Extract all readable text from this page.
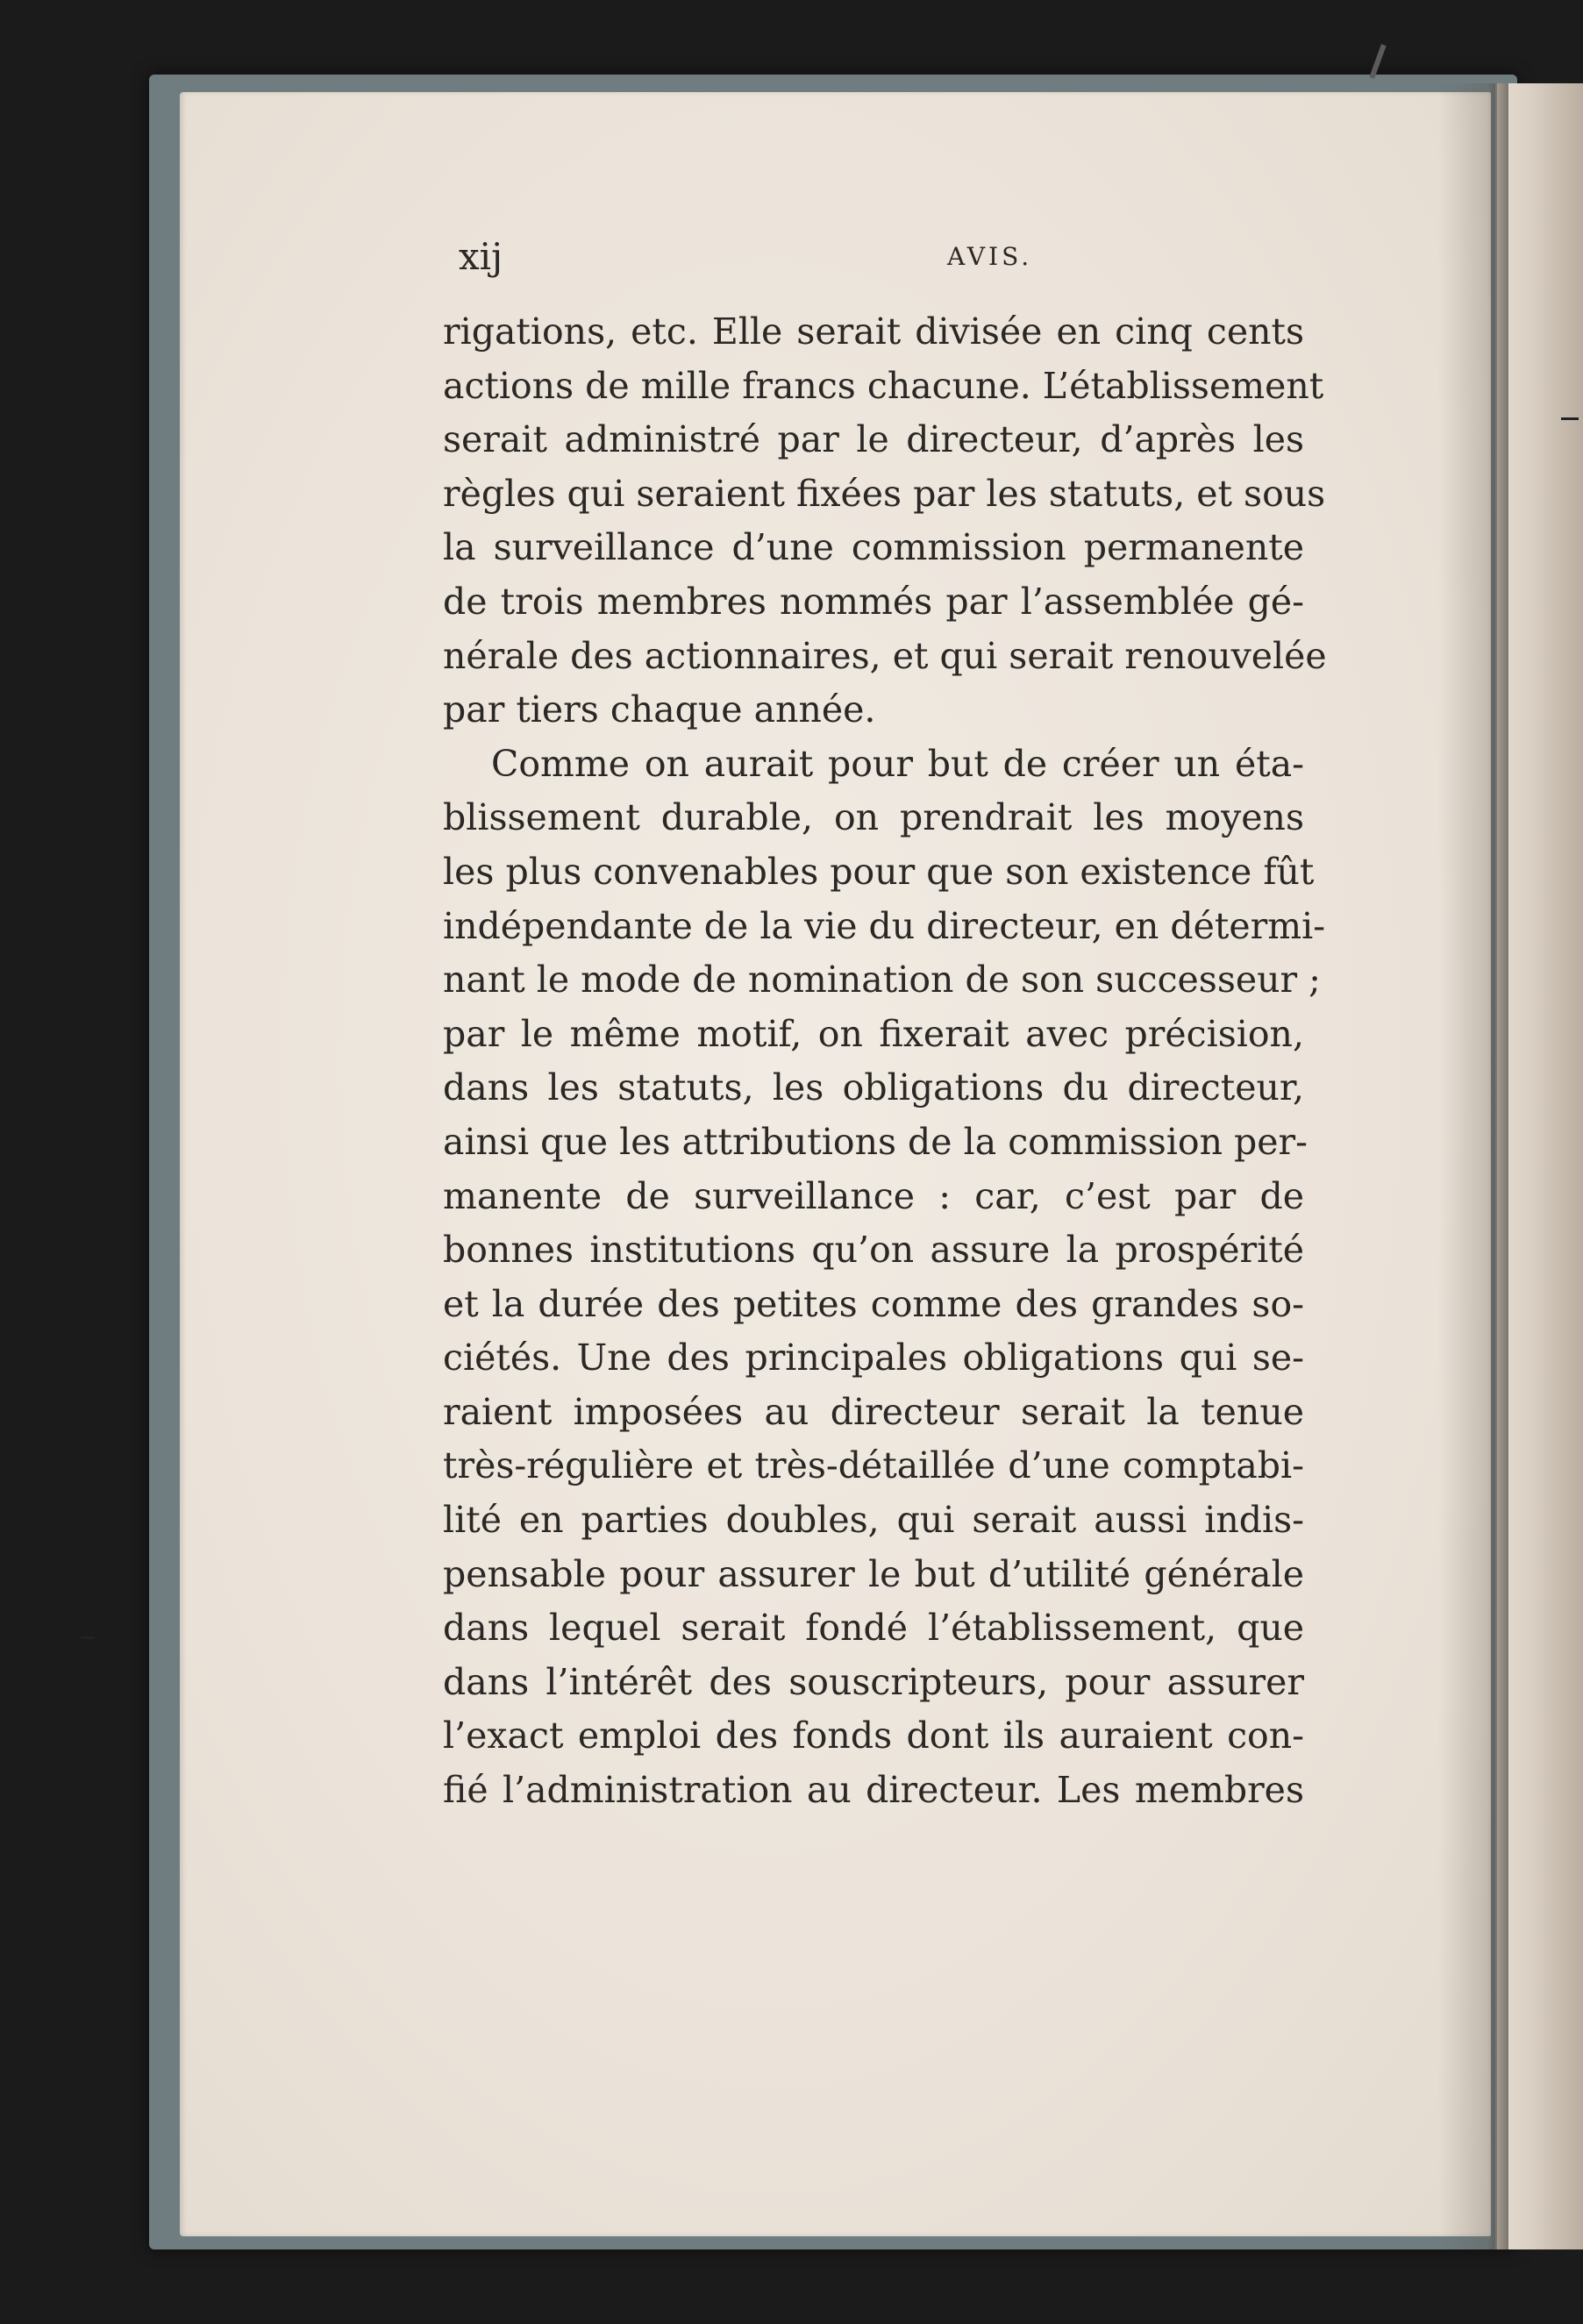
xij	AVIS.
rigations, etc. Elle serait divisée en cinq cents
actions de mille francs chacune. L’établissement
serait administré par le directeur, d’après les
règles qui seraient fixées par les statuts, et sous
la surveillance d’une commission permanente
de trois membres nommés par l’assemblée gé-
nérale des actionnaires, et qui serait renouvelée
par tiers chaque année.
Comme on aurait pour but de créer un éta-
blissement durable, on prendrait les moyens
les plus convenables pour que son existence fût
indépendante de la vie du directeur, en détermi-
nant le mode de nomination de son successeur ;
par le même motif, on fixerait avec précision,
dans les statuts, les obligations du directeur,
ainsi que les attributions de la commission per-
manente de surveillance : car, c’est par de
bonnes institutions qu’on assure la prospérité
et la durée des petites comme des grandes so-
ciétés. Une des principales obligations qui se-
raient imposées au directeur serait la tenue
très-régulière et très-détaillée d’une comptabi-
lité en parties doubles, qui serait aussi indis-
pensable pour assurer le but d’utilité générale
dans lequel serait fondé l’établissement, que
dans l’intérêt des souscripteurs, pour assurer
l’exact emploi des fonds dont ils auraient con-
fié l’administration au directeur. Les membres
